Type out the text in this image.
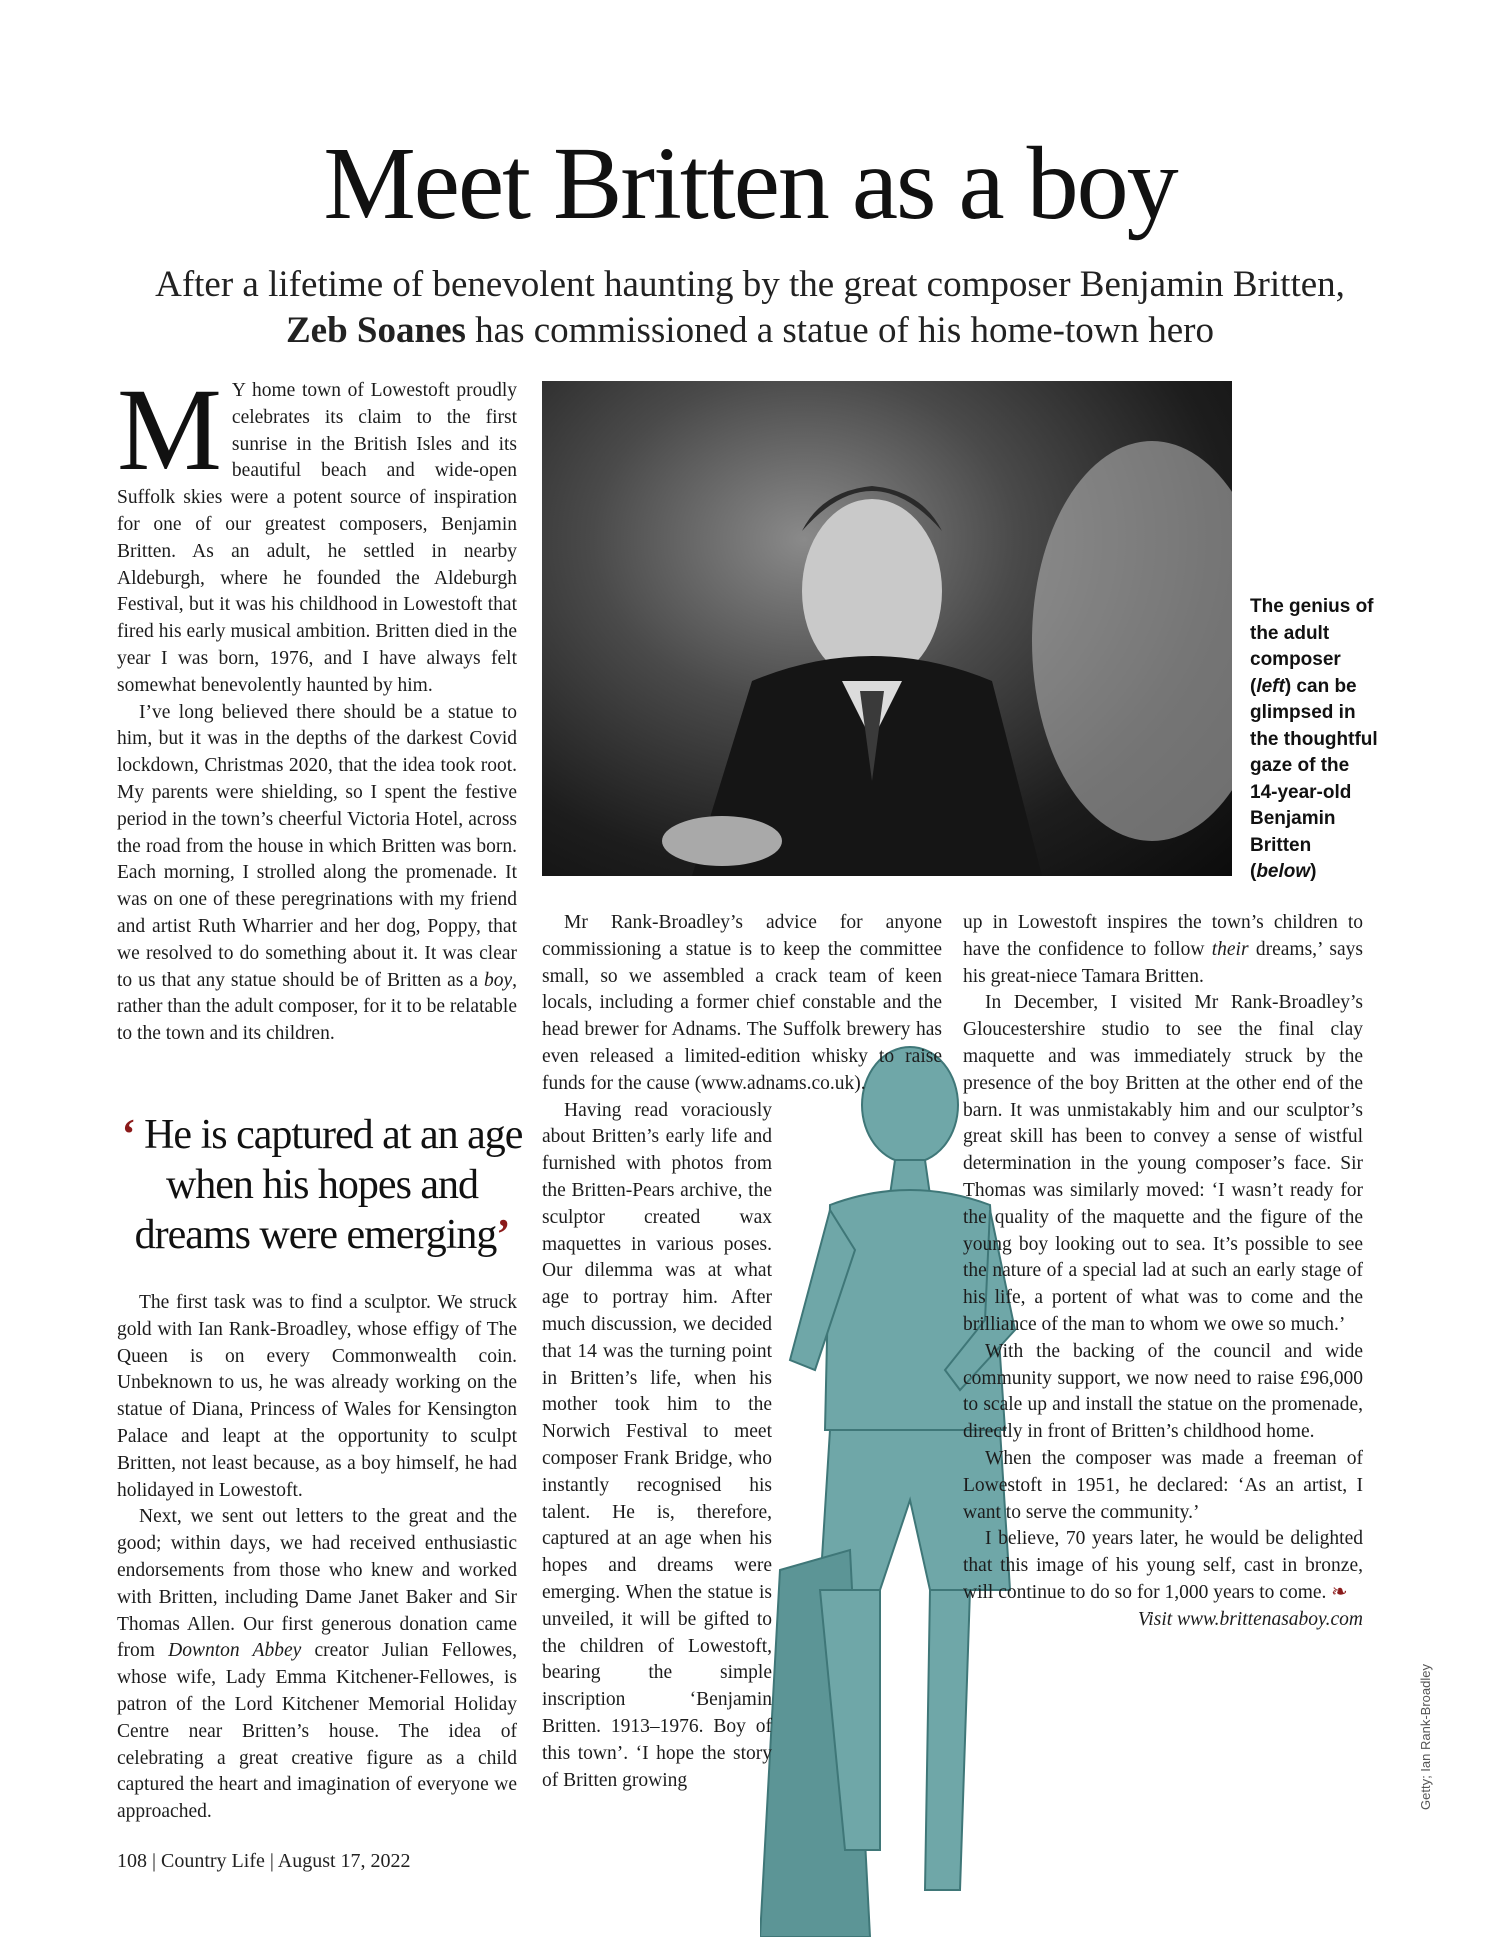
Meet Britten as a boy
After a lifetime of benevolent haunting by the great composer Benjamin Britten,
Zeb Soanes has commissioned a statue of his home-town hero

M Y home town of Lowestoft proudly celebrates its claim to the first sunrise in the British Isles and its beautiful beach and wide-open Suffolk skies were a potent source of inspiration for one of our greatest composers, Benjamin Britten. As an adult, he settled in nearby Aldeburgh, where he founded the Aldeburgh Festival, but it was his childhood in Lowestoft that fired his early musical ambition. Britten died in the year I was born, 1976, and I have always felt somewhat benevolently haunted by him.

I’ve long believed there should be a statue to him, but it was in the depths of the darkest Covid lockdown, Christmas 2020, that the idea took root. My parents were shielding, so I spent the festive period in the town’s cheerful Victoria Hotel, across the road from the house in which Britten was born. Each morning, I strolled along the promenade. It was on one of these peregrinations with my friend and artist Ruth Wharrier and her dog, Poppy, that we resolved to do something about it. It was clear to us that any statue should be of Britten as a boy, rather than the adult composer, for it to be relatable to the town and its children.

‘ He is captured at an age when his hopes and dreams were emerging’

The first task was to find a sculptor. We struck gold with Ian Rank-Broadley, whose effigy of The Queen is on every Commonwealth coin. Unbeknown to us, he was already working on the statue of Diana, Princess of Wales for Kensington Palace and leapt at the opportunity to sculpt Britten, not least because, as a boy himself, he had holidayed in Lowestoft.

Next, we sent out letters to the great and the good; within days, we had received enthusiastic endorsements from those who knew and worked with Britten, including Dame Janet Baker and Sir Thomas Allen. Our first generous donation came from Downton Abbey creator Julian Fellowes, whose wife, Lady Emma Kitchener-Fellowes, is patron of the Lord Kitchener Memorial Holiday Centre near Britten’s house. The idea of celebrating a great creative figure as a child captured the heart and imagination of everyone we approached.

The genius of the adult composer (left) can be glimpsed in the thoughtful gaze of the 14-year-old Benjamin Britten (below)

Mr Rank-Broadley’s advice for anyone commissioning a statue is to keep the committee small, so we assembled a crack team of keen locals, including a former chief constable and the head brewer for Adnams. The Suffolk brewery has even released a limited-edition whisky to raise funds for the cause (www.adnams.co.uk).

Having read voraciously about Britten’s early life and furnished with photos from the Britten-Pears archive, the sculptor created wax maquettes in various poses. Our dilemma was at what age to portray him. After much discussion, we decided that 14 was the turning point in Britten’s life, when his mother took him to the Norwich Festival to meet composer Frank Bridge, who instantly recognised his talent. He is, therefore, captured at an age when his hopes and dreams were emerging. When the statue is unveiled, it will be gifted to the children of Lowestoft, bearing the simple inscription ‘Benjamin Britten. 1913–1976. Boy of this town’. ‘I hope the story of Britten growing

up in Lowestoft inspires the town’s children to have the confidence to follow their dreams,’ says his great-niece Tamara Britten.

In December, I visited Mr Rank-Broadley’s Gloucestershire studio to see the final clay maquette and was immediately struck by the presence of the boy Britten at the other end of the barn. It was unmistakably him and our sculptor’s great skill has been to convey a sense of wistful determination in the young composer’s face. Sir Thomas was similarly moved: ‘I wasn’t ready for the quality of the maquette and the figure of the young boy looking out to sea. It’s possible to see the nature of a special lad at such an early stage of his life, a portent of what was to come and the brilliance of the man to whom we owe so much.’

With the backing of the council and wide community support, we now need to raise £96,000 to scale up and install the statue on the promenade, directly in front of Britten’s childhood home.

When the composer was made a freeman of Lowestoft in 1951, he declared: ‘As an artist, I want to serve the community.’

I believe, 70 years later, he would be delighted that this image of his young self, cast in bronze, will continue to do so for 1,000 years to come. ❧

Visit www.brittenasaboy.com

108 | Country Life | August 17, 2022
Getty; Ian Rank-Broadley
